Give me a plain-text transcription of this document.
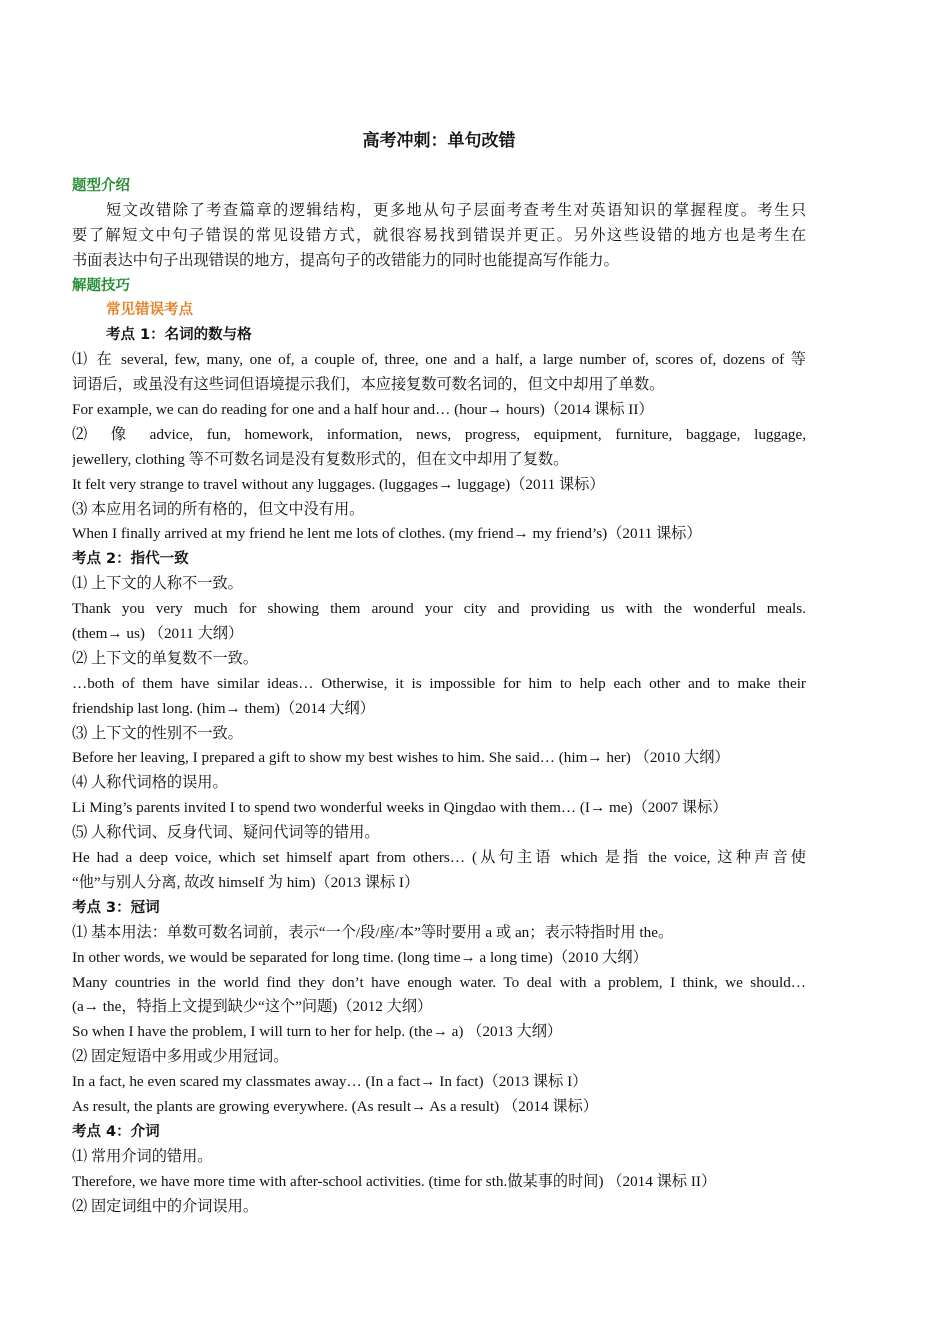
高考冲刺：单句改错
题型介绍
短文改错除了考查篇章的逻辑结构，更多地从句子层面考查考生对英语知识的掌握程度。考生只
要了解短文中句子错误的常见设错方式，就很容易找到错误并更正。另外这些设错的地方也是考生在
书面表达中句子出现错误的地方，提高句子的改错能力的同时也能提高写作能力。
解题技巧
常见错误考点
考点 1：名词的数与格
⑴ 在 several, few, many, one of, a couple of, three, one and a half, a large number of, scores of, dozens of 等
词语后，或虽没有这些词但语境提示我们，本应接复数可数名词的，但文中却用了单数。
For example, we can do reading for one and a half hour and… (hour→ hours)（2014 课标 II）
⑵ 像 advice, fun, homework, information, news, progress, equipment, furniture, baggage, luggage,
jewellery, clothing 等不可数名词是没有复数形式的，但在文中却用了复数。
It felt very strange to travel without any luggages. (luggages→ luggage)（2011 课标）
⑶ 本应用名词的所有格的，但文中没有用。
When I finally arrived at my friend he lent me lots of clothes. (my friend→ my friend’s)（2011 课标）
考点 2：指代一致
⑴ 上下文的人称不一致。
Thank you very much for showing them around your city and providing us with the wonderful meals.
(them→ us) （2011 大纲）
⑵ 上下文的单复数不一致。
…both of them have similar ideas… Otherwise, it is impossible for him to help each other and to make their
friendship last long. (him→ them)（2014 大纲）
⑶ 上下文的性别不一致。
Before her leaving, I prepared a gift to show my best wishes to him. She said… (him→ her) （2010 大纲）
⑷ 人称代词格的误用。
Li Ming’s parents invited I to spend two wonderful weeks in Qingdao with them… (I→ me)（2007 课标）
⑸ 人称代词、反身代词、疑问代词等的错用。
He had a deep voice, which set himself apart from others… (从句主语 which 是指 the voice, 这种声音使
“他”与别人分离, 故改 himself 为 him)（2013 课标 I）
考点 3：冠词
⑴ 基本用法：单数可数名词前，表示“一个/段/座/本”等时要用 a 或 an；表示特指时用 the。
In other words, we would be separated for long time. (long time→ a long time)（2010 大纲）
Many countries in the world find they don’t have enough water. To deal with a problem, I think, we should…
(a→ the，特指上文提到缺少“这个”问题)（2012 大纲）
So when I have the problem, I will turn to her for help. (the→ a) （2013 大纲）
⑵ 固定短语中多用或少用冠词。
In a fact, he even scared my classmates away… (In a fact→ In fact)（2013 课标 I）
As result, the plants are growing everywhere. (As result→ As a result) （2014 课标）
考点 4：介词
⑴ 常用介词的错用。
Therefore, we have more time with after-school activities. (time for sth.做某事的时间) （2014 课标 II）
⑵ 固定词组中的介词误用。
